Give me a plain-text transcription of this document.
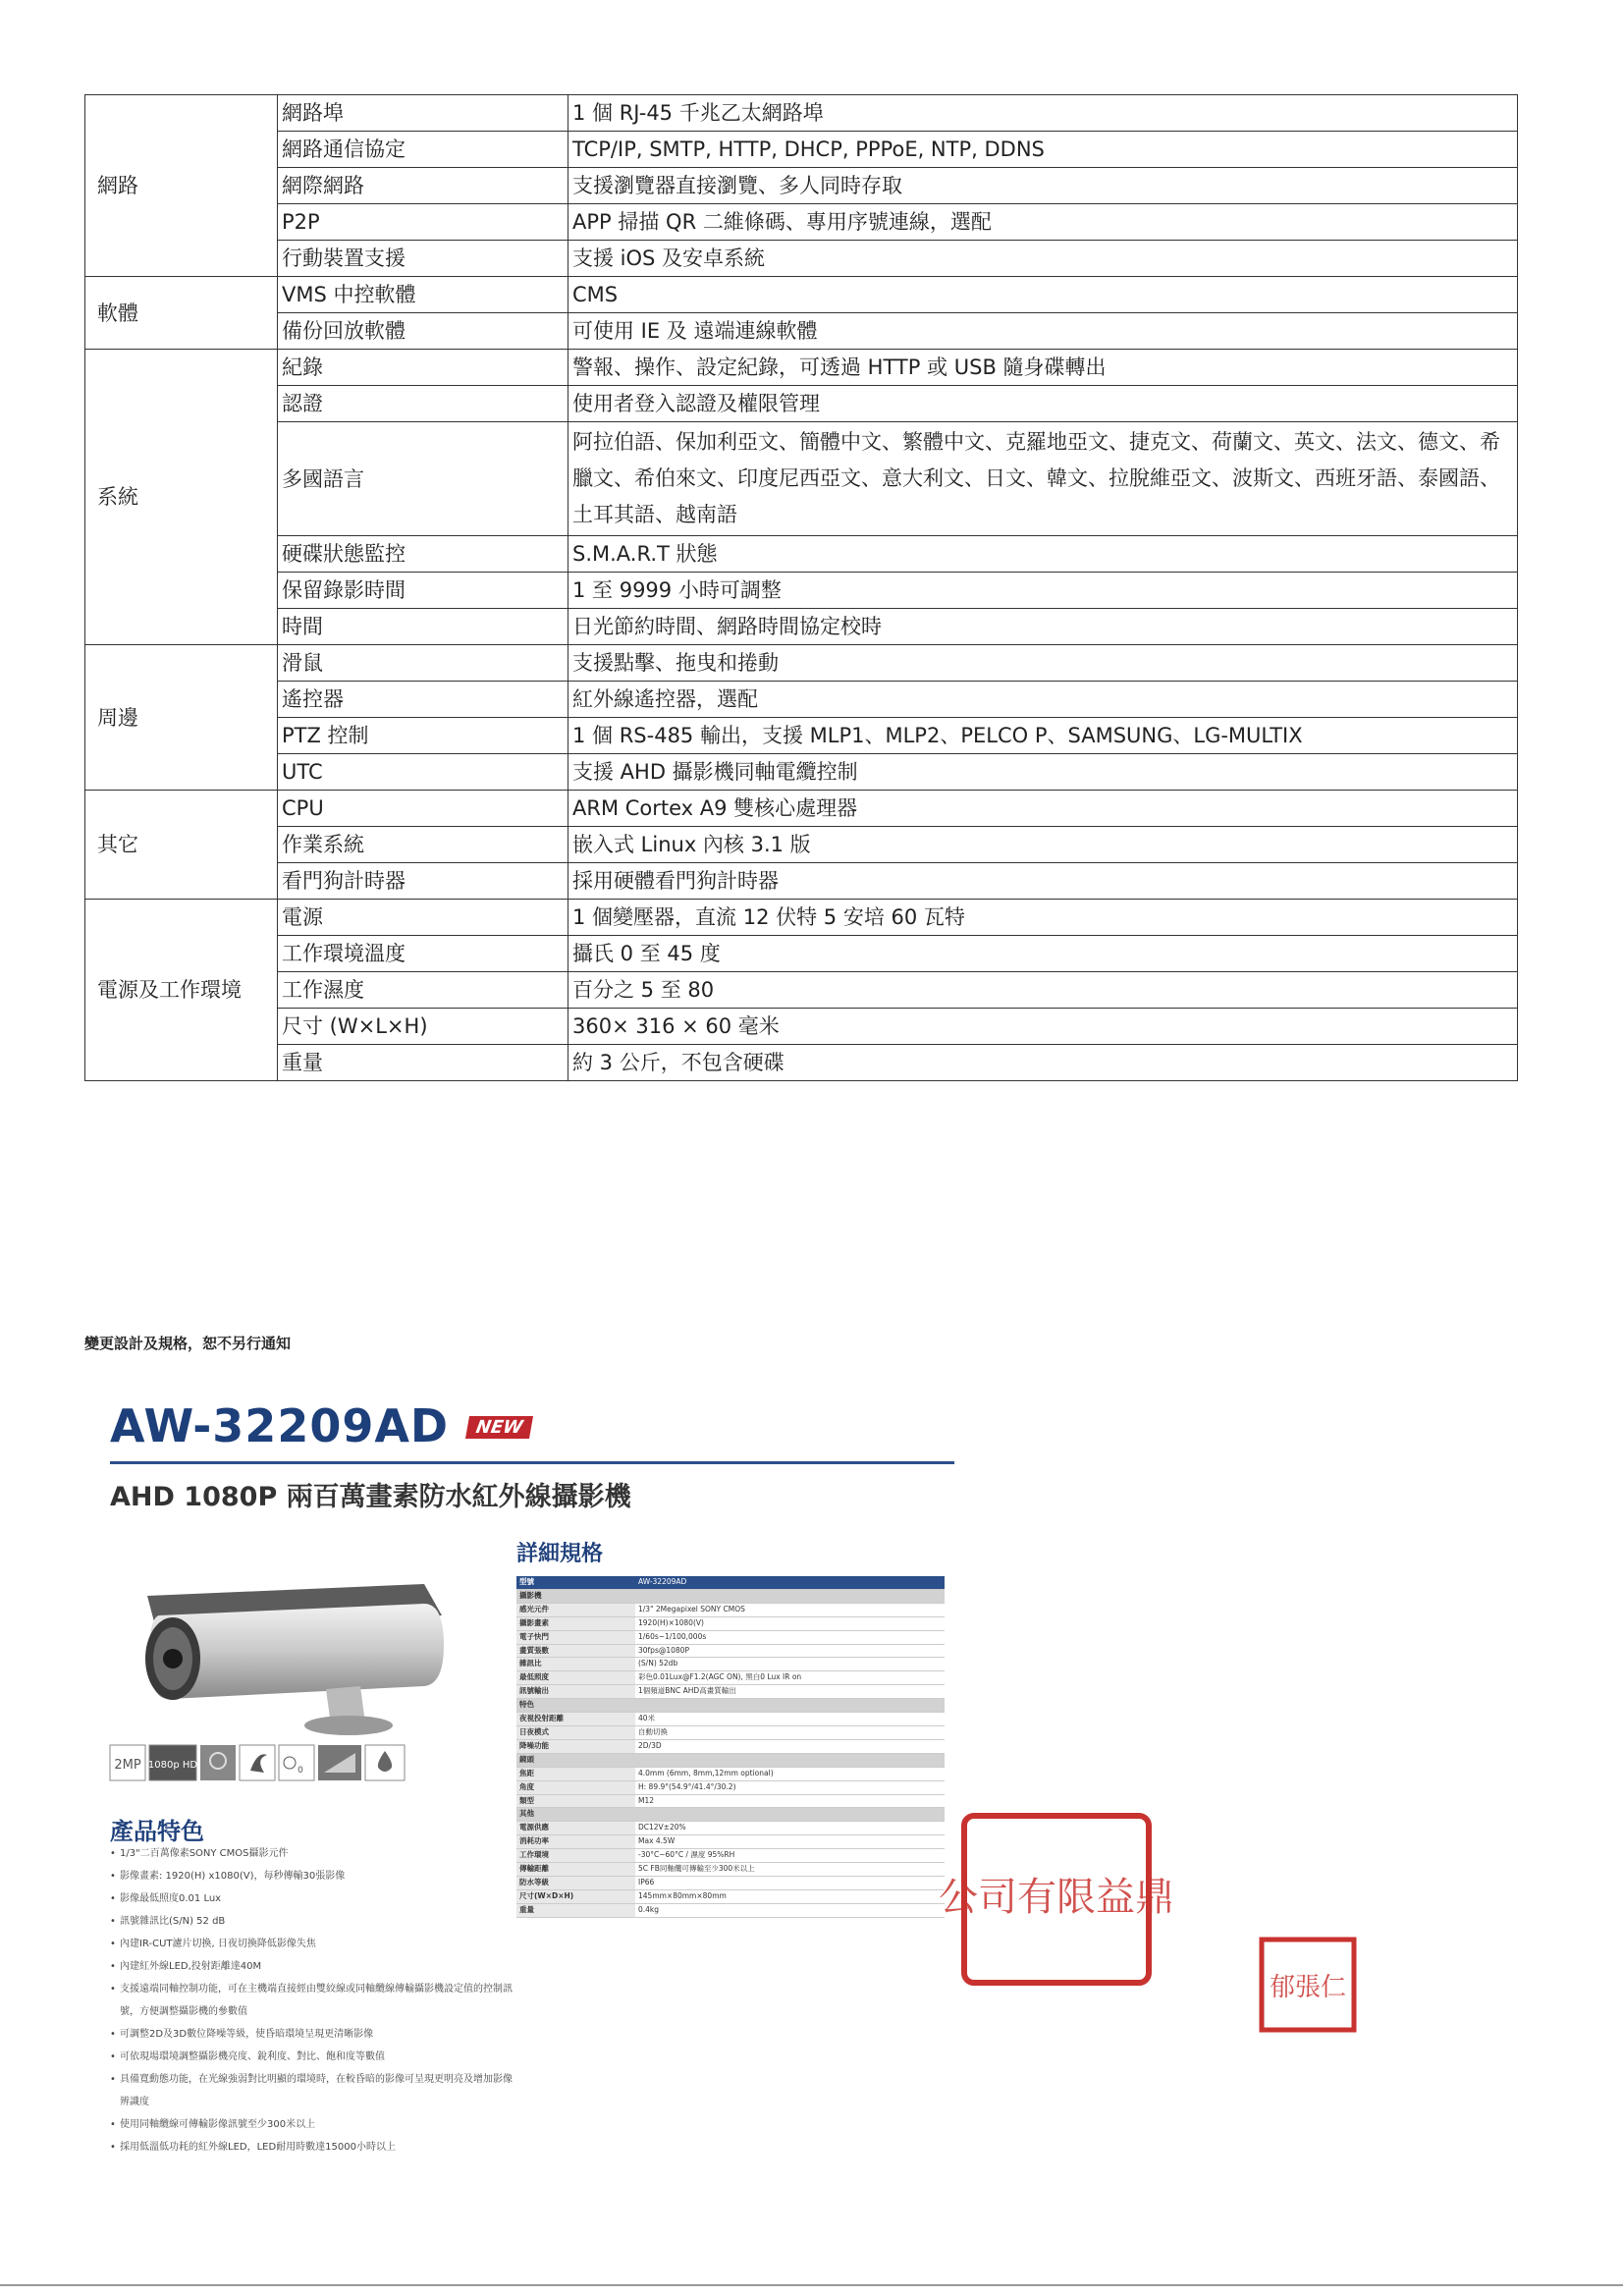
網路	網路埠	1 個 RJ-45 千兆乙太網路埠
	網路通信協定	TCP/IP, SMTP, HTTP, DHCP, PPPoE, NTP, DDNS
	網際網路	支援瀏覽器直接瀏覽、多人同時存取
	P2P	APP 掃描 QR 二維條碼、專用序號連線，選配
	行動裝置支援	支援 iOS 及安卓系統
軟體	VMS 中控軟體	CMS
	備份回放軟體	可使用 IE 及 遠端連線軟體
系統	紀錄	警報、操作、設定紀錄，可透過 HTTP 或 USB 隨身碟轉出
	認證	使用者登入認證及權限管理
	多國語言	阿拉伯語、保加利亞文、簡體中文、繁體中文、克羅地亞文、捷克文、荷蘭文、英文、法文、德文、希臘文、希伯來文、印度尼西亞文、意大利文、日文、韓文、拉脫維亞文、波斯文、西班牙語、泰國語、土耳其語、越南語
	硬碟狀態監控	S.M.A.R.T 狀態
	保留錄影時間	1 至 9999 小時可調整
	時間	日光節約時間、網路時間協定校時
周邊	滑鼠	支援點擊、拖曳和捲動
	遙控器	紅外線遙控器，選配
	PTZ 控制	1 個 RS-485 輸出，支援 MLP1、MLP2、PELCO P、SAMSUNG、LG-MULTIX
	UTC	支援 AHD 攝影機同軸電纜控制
其它	CPU	ARM Cortex A9 雙核心處理器
	作業系統	嵌入式 Linux 內核 3.1 版
	看門狗計時器	採用硬體看門狗計時器
電源及工作環境	電源	1 個變壓器，直流 12 伏特 5 安培 60 瓦特
	工作環境溫度	攝氏 0 至 45 度
	工作濕度	百分之 5 至 80
	尺寸 (W×L×H)	360× 316 × 60 毫米
	重量	約 3 公斤，不包含硬碟
變更設計及規格，恕不另行通知
AW-32209AD	NEW
AHD 1080P 兩百萬畫素防水紅外線攝影機
詳細規格
2MP 1080p HD	0
產品特色
• 1/3"二百萬像素SONY CMOS攝影元件
• 影像畫素: 1920(H) x1080(V)，每秒傳輸30張影像
• 影像最低照度0.01 Lux
• 訊號雜訊比(S/N) 52 dB
• 內建IR-CUT濾片切換, 日夜切換降低影像失焦
• 內建紅外線LED,投射距離達40M
• 支援遠端同軸控制功能，可在主機端直接經由雙絞線或同軸纜線傳輸攝影機設定值的控制訊號，方便調整攝影機的參數值
• 可調整2D及3D數位降噪等級，使昏暗環境呈現更清晰影像
• 可依現場環境調整攝影機亮度、銳利度、對比、飽和度等數值
• 具備寬動態功能，在光線強弱對比明顯的環境時，在較昏暗的影像可呈現更明亮及增加影像辨識度
• 使用同軸纜線可傳輸影像訊號至少300米以上
• 採用低溫低功耗的紅外線LED，LED耐用時數達15000小時以上
型號	AW-32209AD
攝影機	
感光元件	1/3" 2Megapixel SONY CMOS
攝影畫素	1920(H)×1080(V)
電子快門	1/60s~1/100,000s
畫質張數	30fps@1080P
雜訊比	(S/N) 52db
最低照度	彩色0.01Lux@F1.2(AGC ON), 黑白0 Lux IR on
訊號輸出	1個頻道BNC AHD高畫質輸出
特色	
夜視投射距離	40米
日夜模式	自動切換
降噪功能	2D/3D
鏡頭	
焦距	4.0mm (6mm, 8mm,12mm optional)
角度	H: 89.9°(54.9°/41.4°/30.2)
類型	M12
其他	
電源供應	DC12V±20%
消耗功率	Max 4.5W
工作環境	-30°C~60°C / 濕度 95%RH
傳輸距離	5C FB同軸纜可傳輸至少300米以上
防水等級	IP66
尺寸(W×D×H)	145mm×80mm×80mm
重量	0.4kg	公司有限益鼎
郁張仁
